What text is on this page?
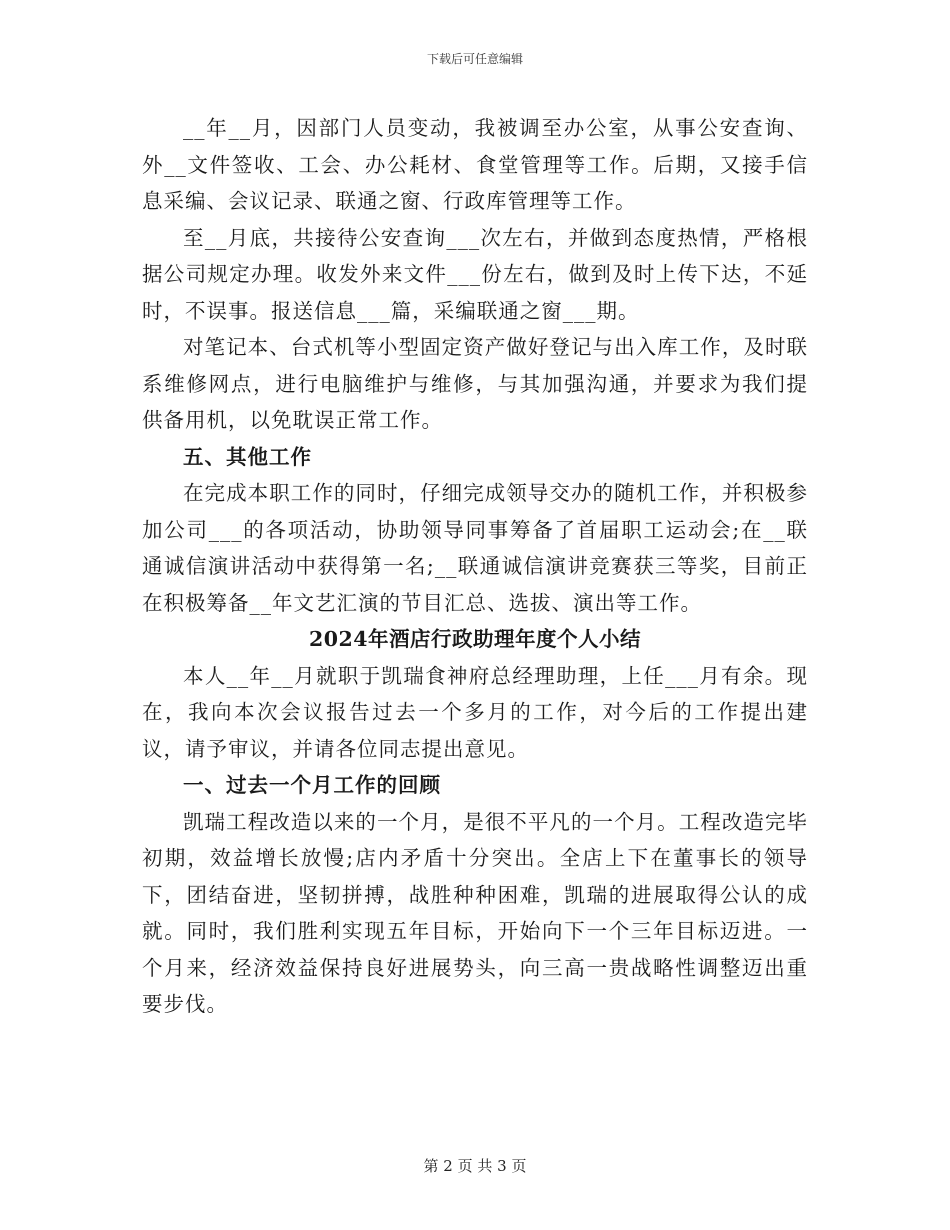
下载后可任意编辑

__年__月，因部门人员变动，我被调至办公室，从事公安查询、外__文件签收、工会、办公耗材、食堂管理等工作。后期，又接手信息采编、会议记录、联通之窗、行政库管理等工作。

至__月底，共接待公安查询___次左右，并做到态度热情，严格根据公司规定办理。收发外来文件___份左右，做到及时上传下达，不延时，不误事。报送信息___篇，采编联通之窗___期。

对笔记本、台式机等小型固定资产做好登记与出入库工作，及时联系维修网点，进行电脑维护与维修，与其加强沟通，并要求为我们提供备用机，以免耽误正常工作。

五、其他工作

在完成本职工作的同时，仔细完成领导交办的随机工作，并积极参加公司___的各项活动，协助领导同事筹备了首届职工运动会;在__联通诚信演讲活动中获得第一名;__联通诚信演讲竞赛获三等奖，目前正在积极筹备__年文艺汇演的节目汇总、选拔、演出等工作。

2024年酒店行政助理年度个人小结

本人__年__月就职于凯瑞食神府总经理助理，上任___月有余。现在，我向本次会议报告过去一个多月的工作，对今后的工作提出建议，请予审议，并请各位同志提出意见。

一、过去一个月工作的回顾

凯瑞工程改造以来的一个月，是很不平凡的一个月。工程改造完毕初期，效益增长放慢;店内矛盾十分突出。全店上下在董事长的领导下，团结奋进，坚韧拼搏，战胜种种困难，凯瑞的进展取得公认的成就。同时，我们胜利实现五年目标，开始向下一个三年目标迈进。一个月来，经济效益保持良好进展势头，向三高一贵战略性调整迈出重要步伐。

第 2 页 共 3 页
